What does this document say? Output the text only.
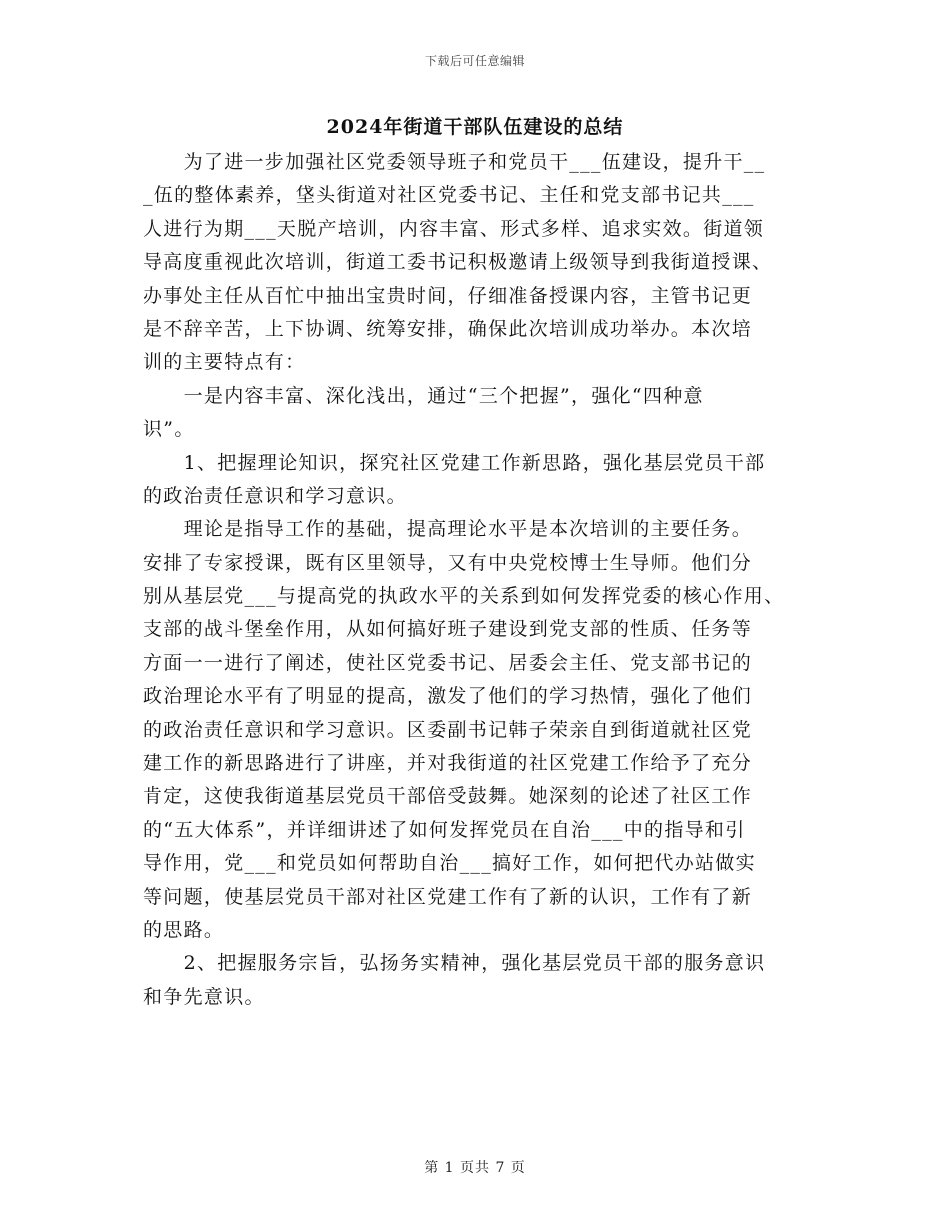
下载后可任意编辑
2024年街道干部队伍建设的总结
　　为了进一步加强社区党委领导班子和党员干___伍建设，提升干__
_伍的整体素养，垡头街道对社区党委书记、主任和党支部书记共___
人进行为期___天脱产培训，内容丰富、形式多样、追求实效。街道领
导高度重视此次培训，街道工委书记积极邀请上级领导到我街道授课、
办事处主任从百忙中抽出宝贵时间，仔细准备授课内容，主管书记更
是不辞辛苦，上下协调、统筹安排，确保此次培训成功举办。本次培
训的主要特点有：
　　一是内容丰富、深化浅出，通过“三个把握”，强化“四种意
识”。
　　1、把握理论知识，探究社区党建工作新思路，强化基层党员干部
的政治责任意识和学习意识。
　　理论是指导工作的基础，提高理论水平是本次培训的主要任务。
安排了专家授课，既有区里领导，又有中央党校博士生导师。他们分
别从基层党___与提高党的执政水平的关系到如何发挥党委的核心作用、
支部的战斗堡垒作用，从如何搞好班子建设到党支部的性质、任务等
方面一一进行了阐述，使社区党委书记、居委会主任、党支部书记的
政治理论水平有了明显的提高，激发了他们的学习热情，强化了他们
的政治责任意识和学习意识。区委副书记韩子荣亲自到街道就社区党
建工作的新思路进行了讲座，并对我街道的社区党建工作给予了充分
肯定，这使我街道基层党员干部倍受鼓舞。她深刻的论述了社区工作
的“五大体系”，并详细讲述了如何发挥党员在自治___中的指导和引
导作用，党___和党员如何帮助自治___搞好工作，如何把代办站做实
等问题，使基层党员干部对社区党建工作有了新的认识，工作有了新
的思路。
　　2、把握服务宗旨，弘扬务实精神，强化基层党员干部的服务意识
和争先意识。
第 1 页共 7 页
